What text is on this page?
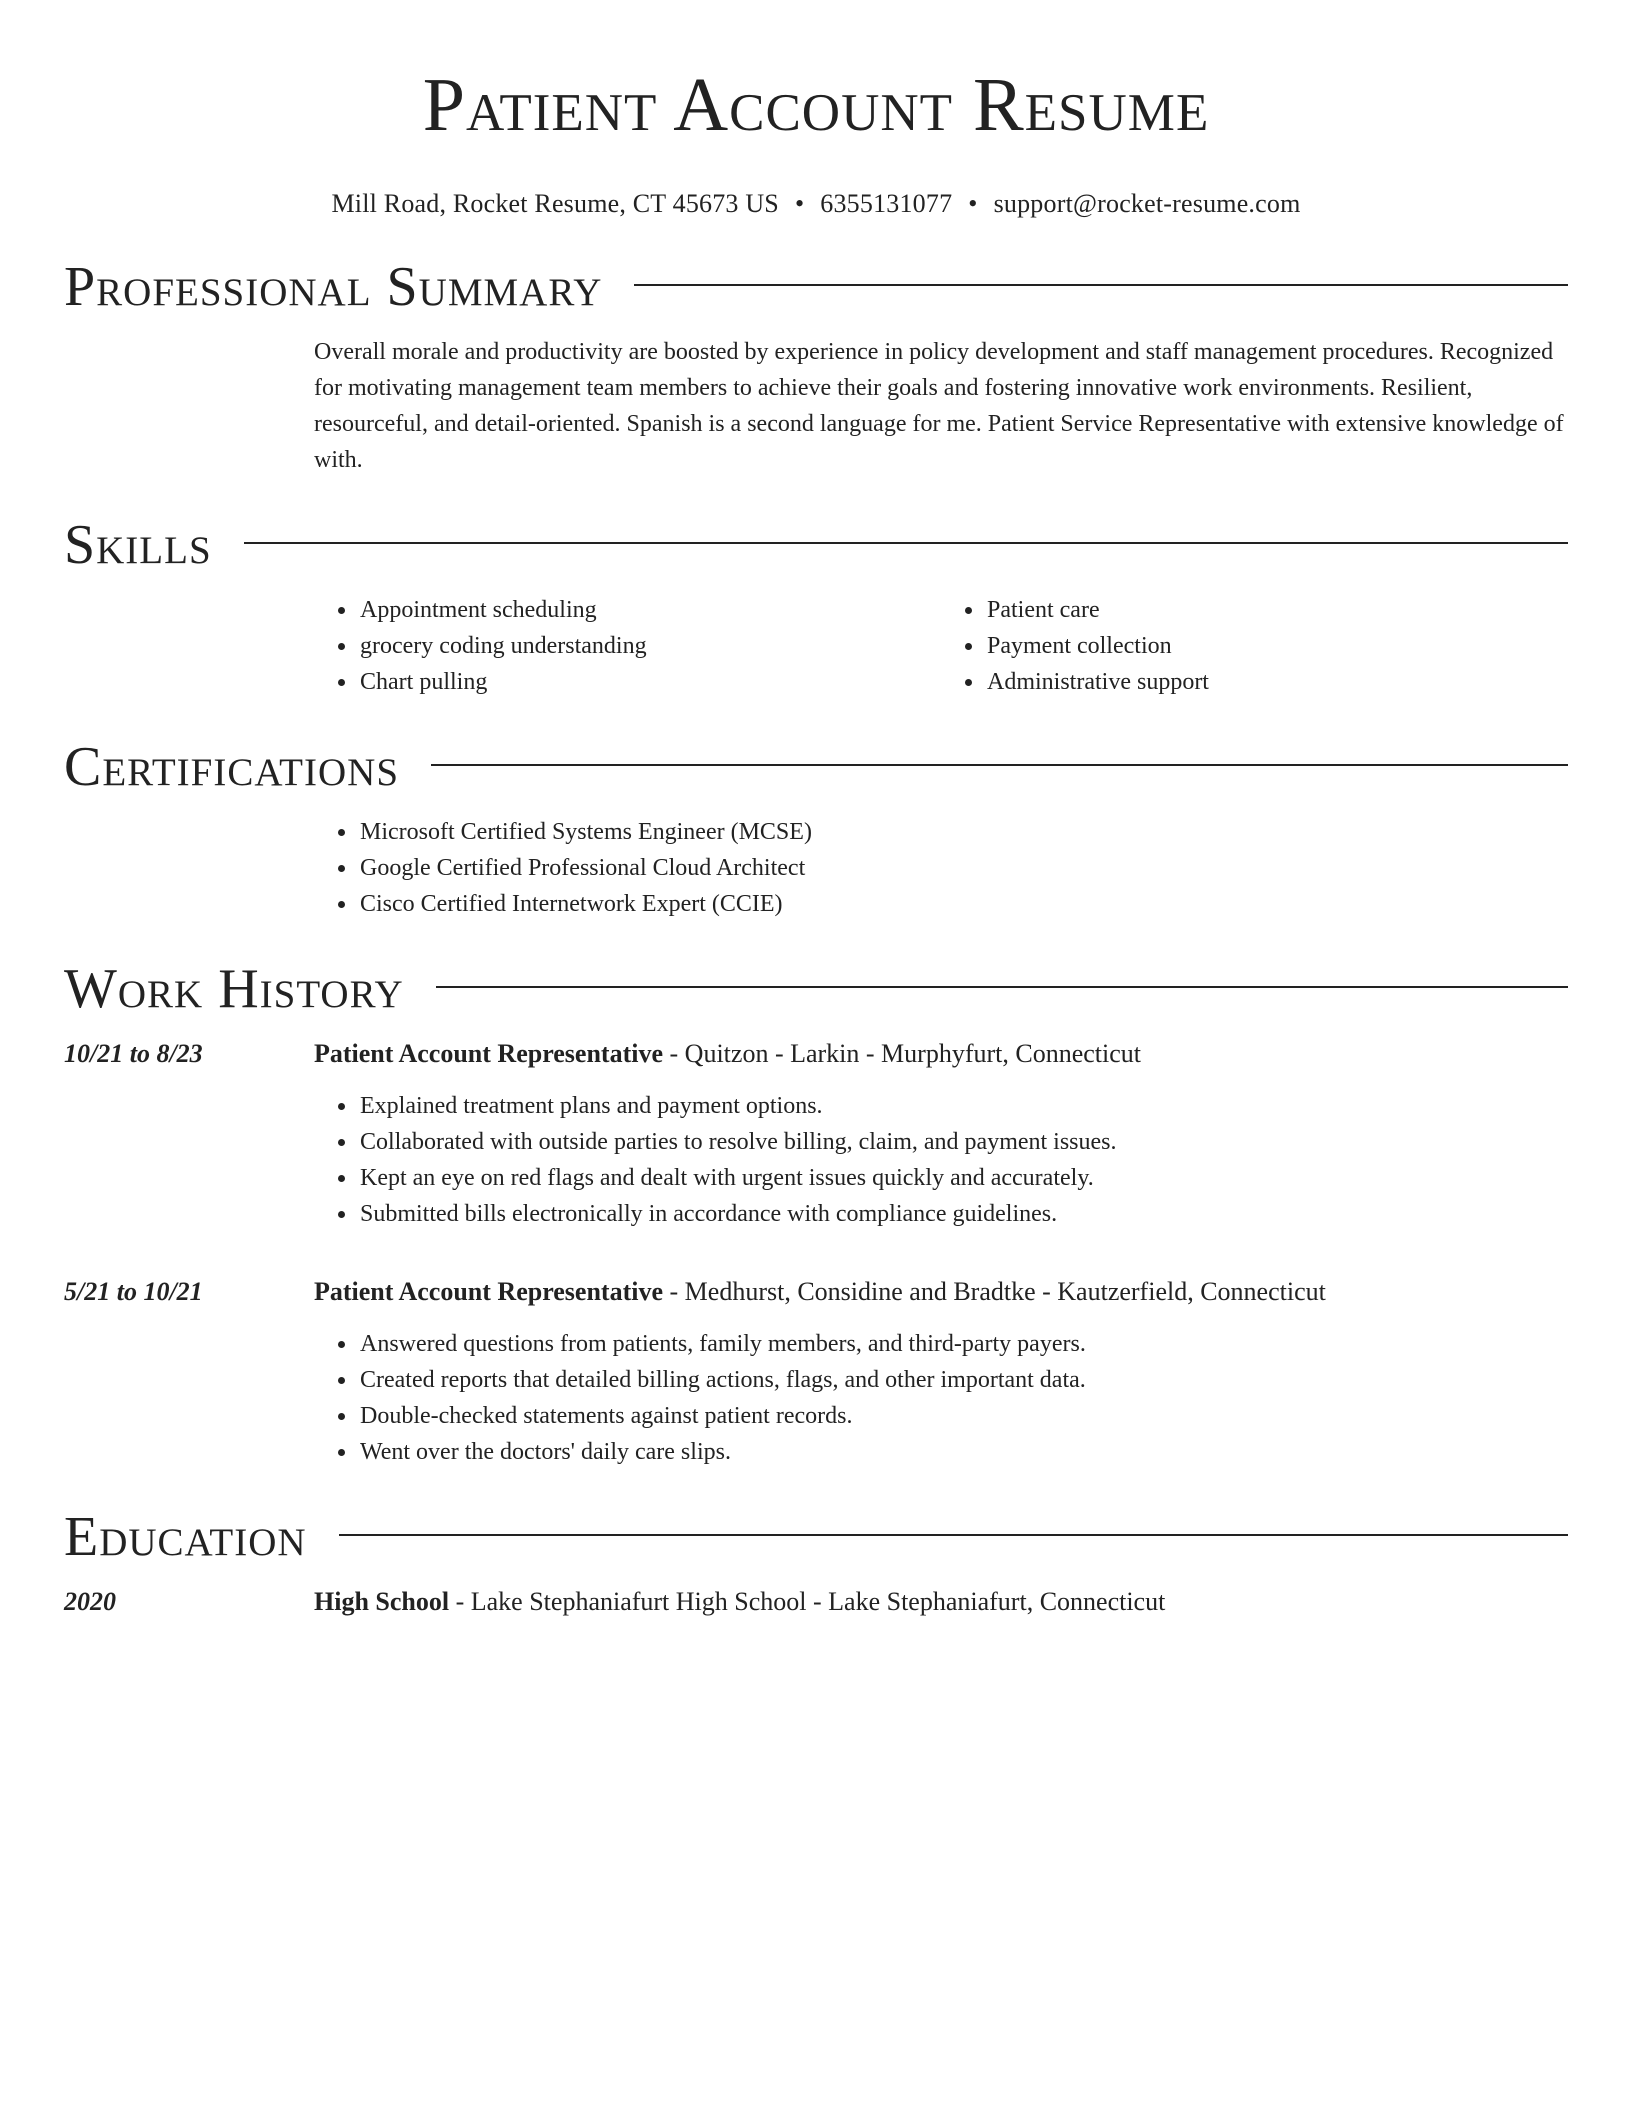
Patient Account Resume
Mill Road, Rocket Resume, CT 45673 US • 6355131077 • support@rocket-resume.com
Professional Summary

Overall morale and productivity are boosted by experience in policy development and staff management procedures. Recognized for motivating management team members to achieve their goals and fostering innovative work environments. Resilient, resourceful, and detail-oriented. Spanish is a second language for me. Patient Service Representative with extensive knowledge of with.

Skills
• Appointment scheduling
• grocery coding understanding
• Chart pulling
• Patient care
• Payment collection
• Administrative support
Certifications
• Microsoft Certified Systems Engineer (MCSE)
• Google Certified Professional Cloud Architect
• Cisco Certified Internetwork Expert (CCIE)
Work History
10/21 to 8/23	Patient Account Representative - Quitzon - Larkin - Murphyfurt, Connecticut
• Explained treatment plans and payment options.
• Collaborated with outside parties to resolve billing, claim, and payment issues.
• Kept an eye on red flags and dealt with urgent issues quickly and accurately.
• Submitted bills electronically in accordance with compliance guidelines.
5/21 to 10/21	Patient Account Representative - Medhurst, Considine and Bradtke - Kautzerfield, Connecticut
• Answered questions from patients, family members, and third-party payers.
• Created reports that detailed billing actions, flags, and other important data.
• Double-checked statements against patient records.
• Went over the doctors' daily care slips.
Education
2020	High School - Lake Stephaniafurt High School - Lake Stephaniafurt, Connecticut
